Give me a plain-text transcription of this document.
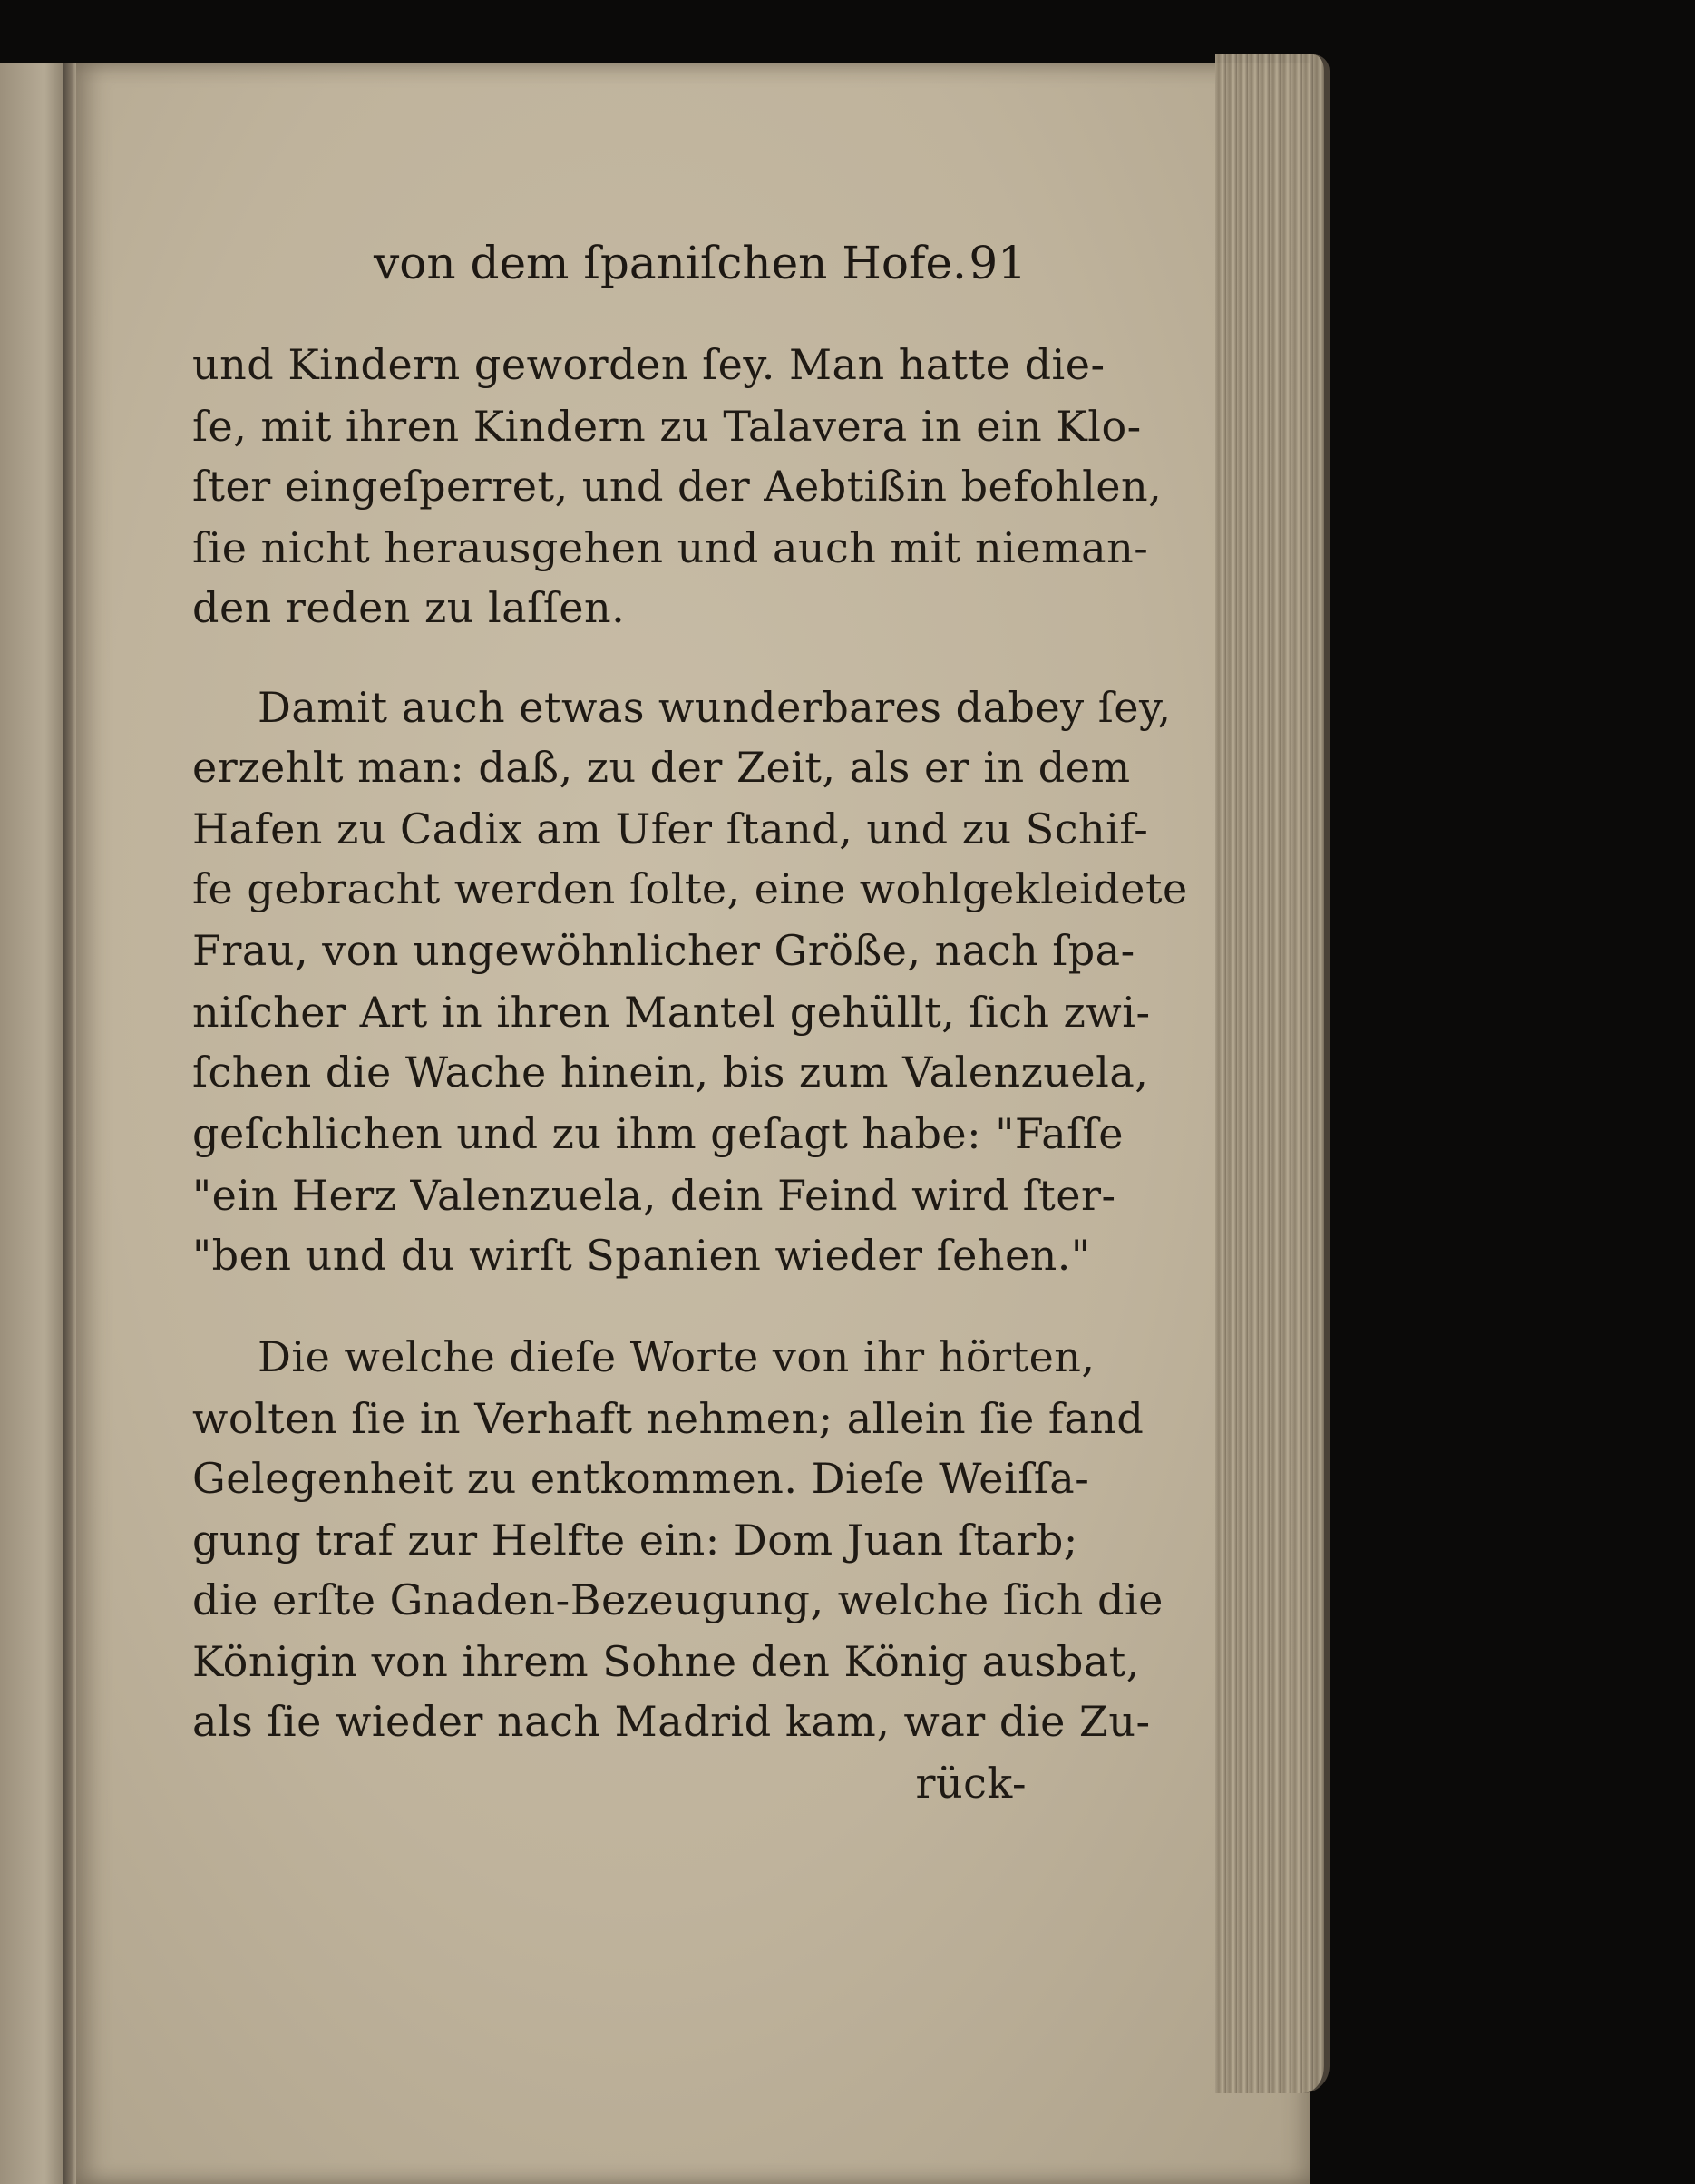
von dem ſpaniſchen Hofe. 91
und Kindern geworden ſey. Man hatte die-
ſe, mit ihren Kindern zu Talavera in ein Klo-
ſter eingeſperret, und der Aebtißin befohlen,
ſie nicht herausgehen und auch mit nieman-
den reden zu laſſen.
Damit auch etwas wunderbares dabey ſey,
erzehlt man: daß, zu der Zeit, als er in dem
Hafen zu Cadix am Ufer ſtand, und zu Schif-
fe gebracht werden ſolte, eine wohlgekleidete
Frau, von ungewöhnlicher Größe, nach ſpa-
niſcher Art in ihren Mantel gehüllt, ſich zwi-
ſchen die Wache hinein, bis zum Valenzuela,
geſchlichen und zu ihm geſagt habe: "Faſſe
"ein Herz Valenzuela, dein Feind wird ſter-
"ben und du wirſt Spanien wieder ſehen."
Die welche dieſe Worte von ihr hörten,
wolten ſie in Verhaft nehmen; allein ſie fand
Gelegenheit zu entkommen. Dieſe Weiſſa-
gung traf zur Helfte ein: Dom Juan ſtarb;
die erſte Gnaden-Bezeugung, welche ſich die
Königin von ihrem Sohne den König ausbat,
als ſie wieder nach Madrid kam, war die Zu-
rück-
